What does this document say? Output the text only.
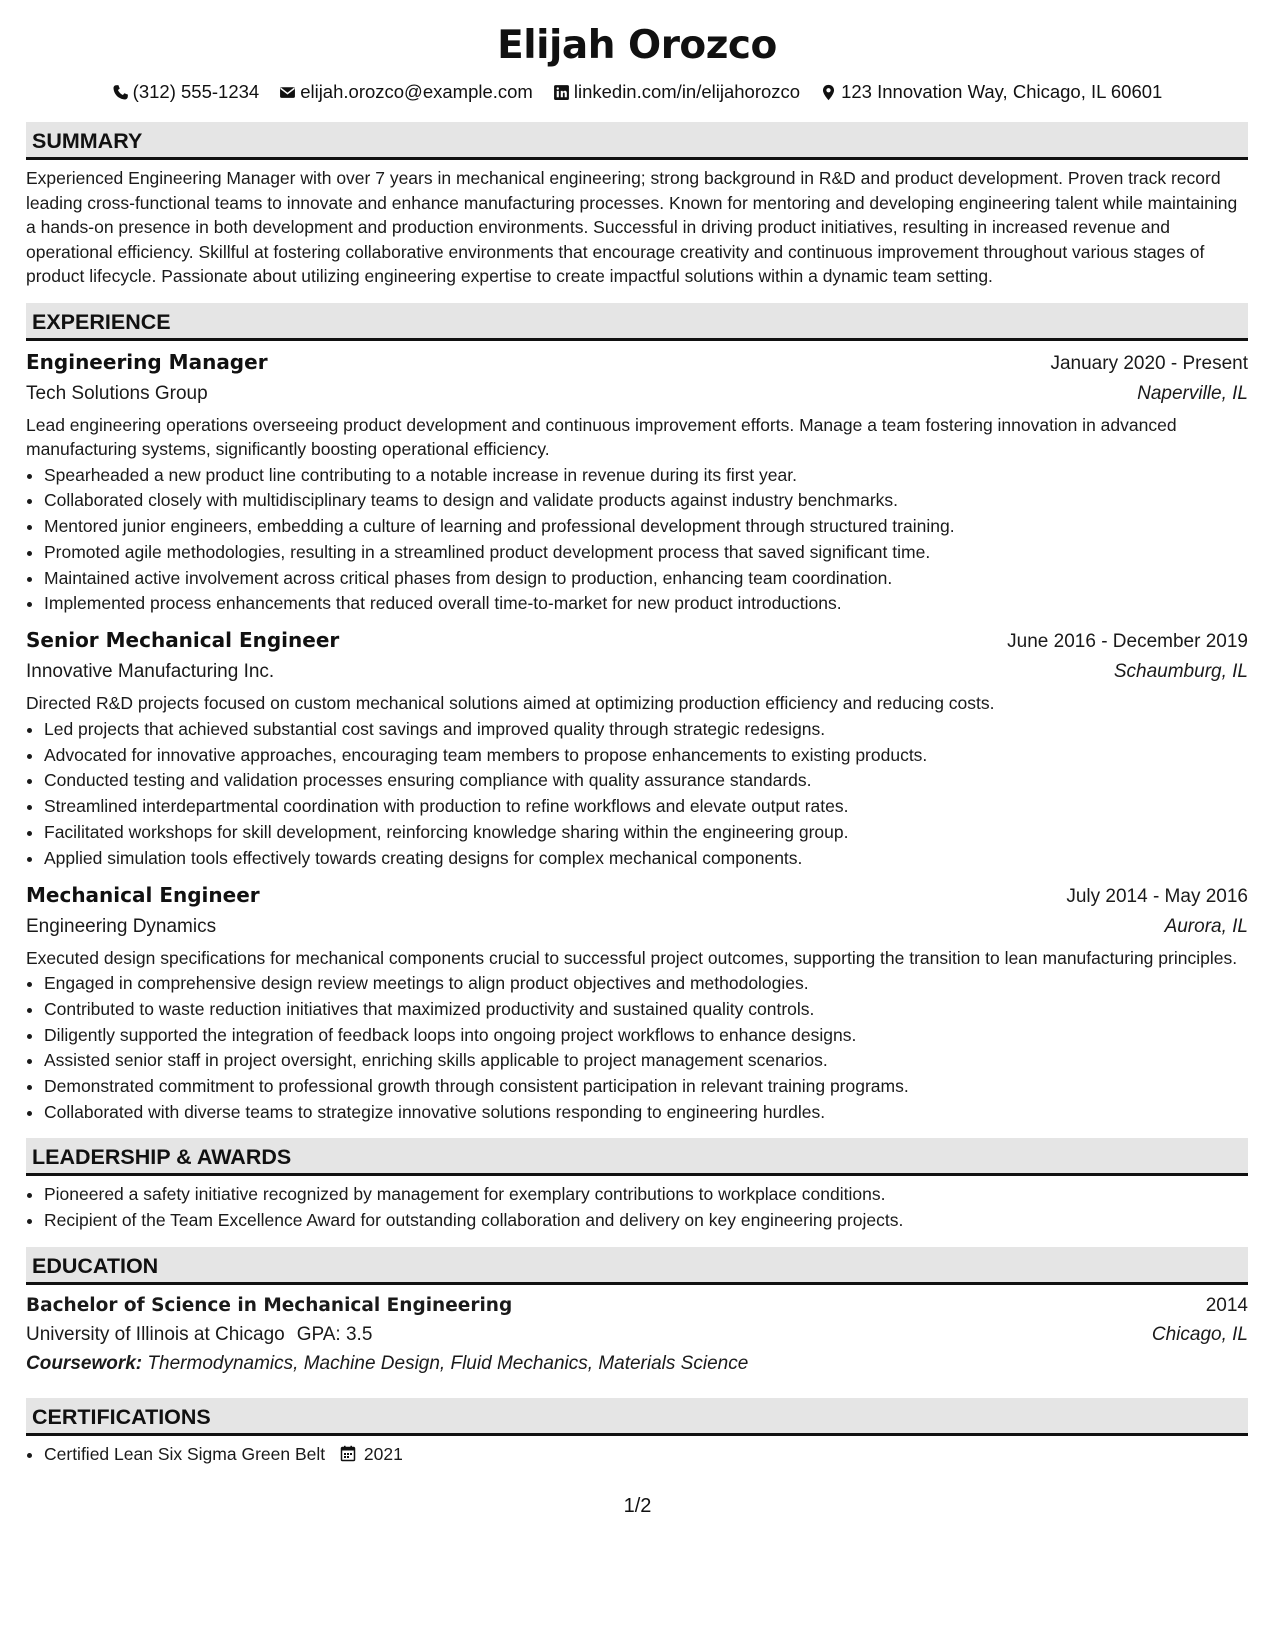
Elijah Orozco
(312) 555-1234 elijah.orozco@example.com linkedin.com/in/elijahorozco 123 Innovation Way, Chicago, IL 60601
SUMMARY
Experienced Engineering Manager with over 7 years in mechanical engineering; strong background in R&D and product development. Proven track record leading cross-functional teams to innovate and enhance manufacturing processes. Known for mentoring and developing engineering talent while maintaining a hands-on presence in both development and production environments. Successful in driving product initiatives, resulting in increased revenue and operational efficiency. Skillful at fostering collaborative environments that encourage creativity and continuous improvement throughout various stages of product lifecycle. Passionate about utilizing engineering expertise to create impactful solutions within a dynamic team setting.
EXPERIENCE
Engineering Manager	January 2020 - Present
Tech Solutions Group	Naperville, IL
Lead engineering operations overseeing product development and continuous improvement efforts. Manage a team fostering innovation in advanced manufacturing systems, significantly boosting operational efficiency.
• Spearheaded a new product line contributing to a notable increase in revenue during its first year.
• Collaborated closely with multidisciplinary teams to design and validate products against industry benchmarks.
• Mentored junior engineers, embedding a culture of learning and professional development through structured training.
• Promoted agile methodologies, resulting in a streamlined product development process that saved significant time.
• Maintained active involvement across critical phases from design to production, enhancing team coordination.
• Implemented process enhancements that reduced overall time-to-market for new product introductions.
Senior Mechanical Engineer	June 2016 - December 2019
Innovative Manufacturing Inc.	Schaumburg, IL
Directed R&D projects focused on custom mechanical solutions aimed at optimizing production efficiency and reducing costs.
• Led projects that achieved substantial cost savings and improved quality through strategic redesigns.
• Advocated for innovative approaches, encouraging team members to propose enhancements to existing products.
• Conducted testing and validation processes ensuring compliance with quality assurance standards.
• Streamlined interdepartmental coordination with production to refine workflows and elevate output rates.
• Facilitated workshops for skill development, reinforcing knowledge sharing within the engineering group.
• Applied simulation tools effectively towards creating designs for complex mechanical components.
Mechanical Engineer	July 2014 - May 2016
Engineering Dynamics	Aurora, IL
Executed design specifications for mechanical components crucial to successful project outcomes, supporting the transition to lean manufacturing principles.
• Engaged in comprehensive design review meetings to align product objectives and methodologies.
• Contributed to waste reduction initiatives that maximized productivity and sustained quality controls.
• Diligently supported the integration of feedback loops into ongoing project workflows to enhance designs.
• Assisted senior staff in project oversight, enriching skills applicable to project management scenarios.
• Demonstrated commitment to professional growth through consistent participation in relevant training programs.
• Collaborated with diverse teams to strategize innovative solutions responding to engineering hurdles.
LEADERSHIP & AWARDS
• Pioneered a safety initiative recognized by management for exemplary contributions to workplace conditions.
• Recipient of the Team Excellence Award for outstanding collaboration and delivery on key engineering projects.
EDUCATION
Bachelor of Science in Mechanical Engineering	2014
University of Illinois at Chicago GPA: 3.5	Chicago, IL
Coursework: Thermodynamics, Machine Design, Fluid Mechanics, Materials Science
CERTIFICATIONS
• Certified Lean Six Sigma Green Belt 2021
1/2
